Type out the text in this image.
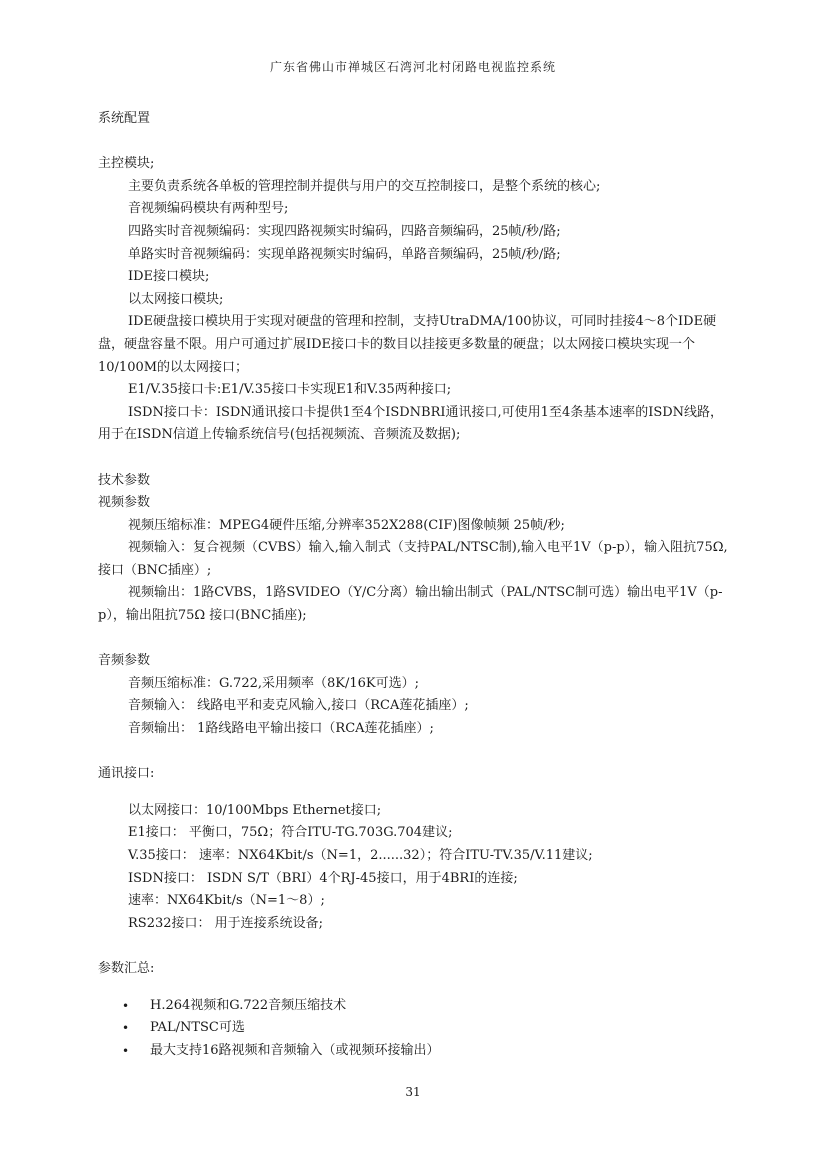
广东省佛山市禅城区石湾河北村闭路电视监控系统
系统配置
主控模块;
主要负责系统各单板的管理控制并提供与用户的交互控制接口，是整个系统的核心;
音视频编码模块有两种型号;
四路实时音视频编码：实现四路视频实时编码，四路音频编码，25帧/秒/路;
单路实时音视频编码：实现单路视频实时编码，单路音频编码，25帧/秒/路;
IDE接口模块;
以太网接口模块;
IDE硬盘接口模块用于实现对硬盘的管理和控制，支持UtraDMA/100协议，可同时挂接4～8个IDE硬盘，硬盘容量不限。用户可通过扩展IDE接口卡的数目以挂接更多数量的硬盘；以太网接口模块实现一个10/100M的以太网接口；
E1/V.35接口卡:E1/V.35接口卡实现E1和V.35两种接口;
ISDN接口卡：ISDN通讯接口卡提供1至4个ISDNBRI通讯接口,可使用1至4条基本速率的ISDN线路，用于在ISDN信道上传输系统信号(包括视频流、音频流及数据);
技术参数
视频参数
视频压缩标准：MPEG4硬件压缩,分辨率352X288(CIF)图像帧频 25帧/秒;
视频输入：复合视频（CVBS）输入,输入制式（支持PAL/NTSC制),输入电平1V（p-p），输入阻抗75Ω,接口（BNC插座）;
视频输出：1路CVBS，1路SVIDEO（Y/C分离）输出输出制式（PAL/NTSC制可选）输出电平1V（p-p），输出阻抗75Ω 接口(BNC插座);
音频参数
音频压缩标准：G.722,采用频率（8K/16K可选）;
音频输入： 线路电平和麦克风输入,接口（RCA莲花插座）;
音频输出： 1路线路电平输出接口（RCA莲花插座）;
通讯接口:
以太网接口：10/100Mbps Ethernet接口;
E1接口： 平衡口，75Ω；符合ITU-TG.703G.704建议;
V.35接口： 速率：NX64Kbit/s（N=1，2......32）；符合ITU-TV.35/V.11建议;
ISDN接口： ISDN S/T（BRI）4个RJ-45接口，用于4BRI的连接;
速率：NX64Kbit/s（N=1～8）;
RS232接口： 用于连接系统设备;
参数汇总:
• H.264视频和G.722音频压缩技术
• PAL/NTSC可选
• 最大支持16路视频和音频输入（或视频环接输出）
31
